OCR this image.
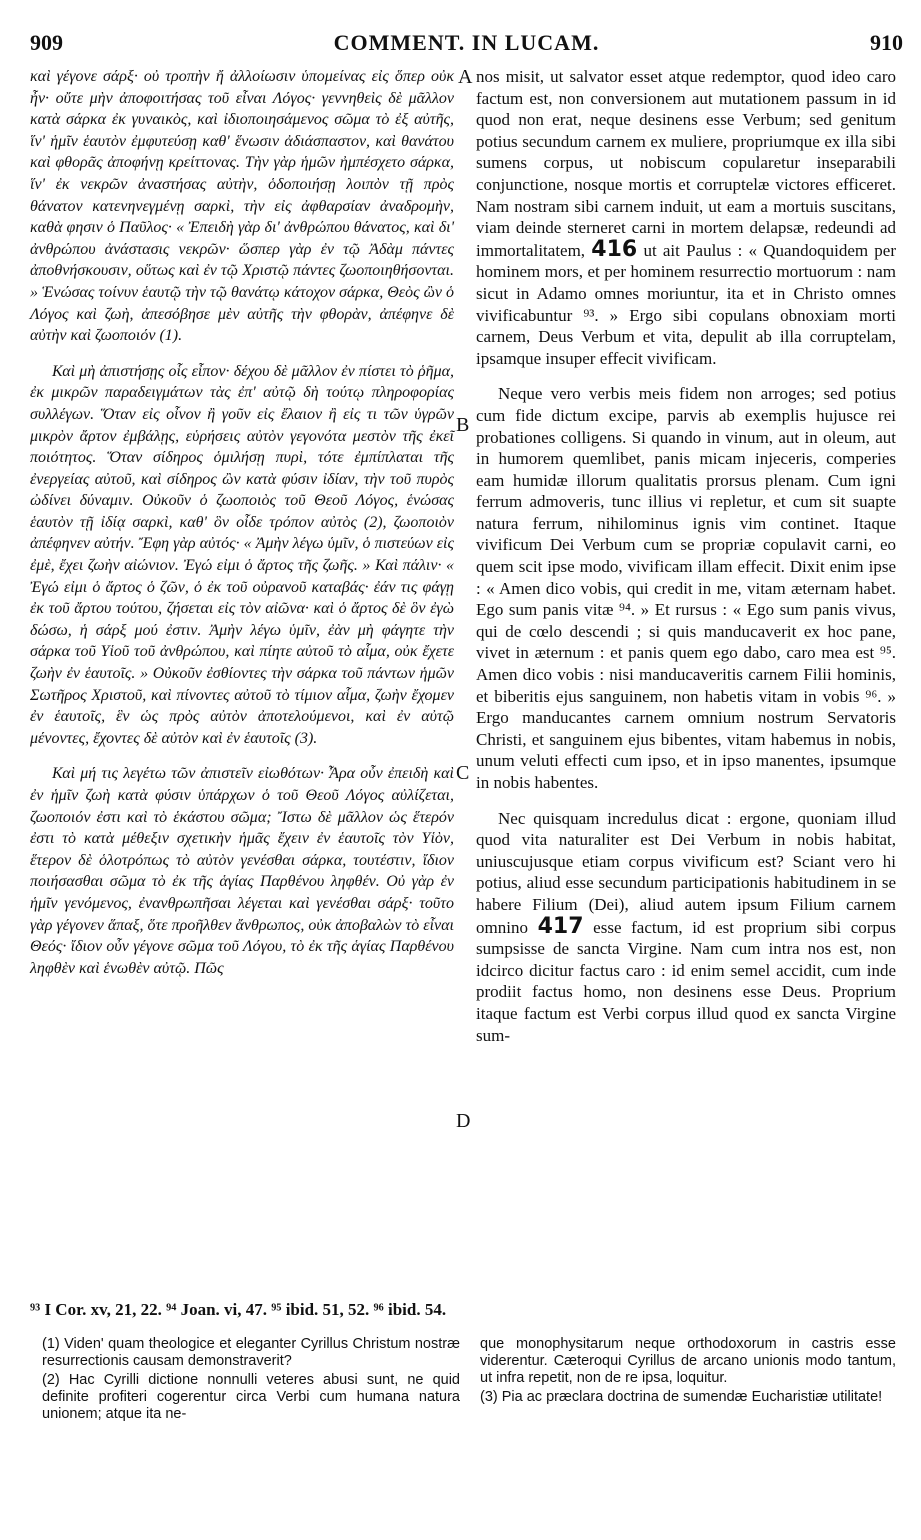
909	COMMENT. IN LUCAM.	910

καὶ γέγονε σάρξ· οὐ τροπὴν ἤ ἀλλοίωσιν ὑπομείνας εἰς ὅπερ οὐκ ἦν· οὔτε μὴν ἀποφοιτήσας τοῦ εἶναι Λόγος· γεννηθεὶς δὲ μᾶλλον κατὰ σάρκα ἐκ γυναικὸς, καὶ ἰδιοποιησάμενος σῶμα τὸ ἐξ αὐτῆς, ἵν' ἡμῖν ἑαυτὸν ἐμφυτεύσῃ καθ' ἕνωσιν ἀδιάσπαστον, καὶ θανάτου καὶ φθορᾶς ἀποφήνῃ κρείττονας. Τὴν γὰρ ἡμῶν ἠμπέσχετο σάρκα, ἵν' ἐκ νεκρῶν ἀναστήσας αὐτὴν, ὁδοποιήσῃ λοιπὸν τῇ πρὸς θάνατον κατενηνεγμένῃ σαρκὶ, τὴν εἰς ἀφθαρσίαν ἀναδρομὴν, καθὰ φησιν ὁ Παῦλος· « Ἐπειδὴ γὰρ δι' ἀνθρώπου θάνατος, καὶ δι' ἀνθρώπου ἀνάστασις νεκρῶν· ὥσπερ γὰρ ἐν τῷ Ἀδὰμ πάντες ἀποθνήσκουσιν, οὕτως καὶ ἐν τῷ Χριστῷ πάντες ζωοποιηθήσονται. » Ἑνώσας τοίνυν ἑαυτῷ τὴν τῷ θανάτῳ κάτοχον σάρκα, Θεὸς ὢν ὁ Λόγος καὶ ζωὴ, ἀπεσόβησε μὲν αὐτῆς τὴν φθορὰν, ἀπέφηνε δὲ αὐτὴν καὶ ζωοποιόν (1).

Καὶ μὴ ἀπιστήσῃς οἷς εἶπον· δέχου δὲ μᾶλλον ἐν πίστει τὸ ῥῆμα, ἐκ μικρῶν παραδειγμάτων τὰς ἐπ' αὐτῷ δὴ τούτῳ πληροφορίας συλλέγων. Ὅταν εἰς οἶνον ἢ γοῦν εἰς ἔλαιον ἢ εἰς τι τῶν ὑγρῶν μικρὸν ἄρτον ἐμβάλῃς, εὑρήσεις αὐτὸν γεγονότα μεστὸν τῆς ἐκεῖ ποιότητος. Ὅταν σίδηρος ὁμιλήσῃ πυρὶ, τότε ἐμπίπλαται τῆς ἐνεργείας αὐτοῦ, καὶ σίδηρος ὢν κατὰ φύσιν ἰδίαν, τὴν τοῦ πυρὸς ὠδίνει δύναμιν. Οὐκοῦν ὁ ζωοποιὸς τοῦ Θεοῦ Λόγος, ἑνώσας ἑαυτὸν τῇ ἰδίᾳ σαρκὶ, καθ' ὃν οἶδε τρόπον αὐτὸς (2), ζωοποιὸν ἀπέφηνεν αὐτήν. Ἔφη γὰρ αὐτός· « Ἀμὴν λέγω ὑμῖν, ὁ πιστεύων εἰς ἐμὲ, ἔχει ζωὴν αἰώνιον. Ἐγώ εἰμι ὁ ἄρτος τῆς ζωῆς. » Καὶ πάλιν· « Ἐγώ εἰμι ὁ ἄρτος ὁ ζῶν, ὁ ἐκ τοῦ οὐρανοῦ καταβάς· ἐάν τις φάγῃ ἐκ τοῦ ἄρτου τούτου, ζήσεται εἰς τὸν αἰῶνα· καὶ ὁ ἄρτος δὲ ὃν ἐγὼ δώσω, ἡ σάρξ μού ἐστιν. Ἀμὴν λέγω ὑμῖν, ἐὰν μὴ φάγητε τὴν σάρκα τοῦ Υἱοῦ τοῦ ἀνθρώπου, καὶ πίητε αὐτοῦ τὸ αἷμα, οὐκ ἔχετε ζωὴν ἐν ἑαυτοῖς. » Οὐκοῦν ἐσθίοντες τὴν σάρκα τοῦ πάντων ἡμῶν Σωτῆρος Χριστοῦ, καὶ πίνοντες αὐτοῦ τὸ τίμιον αἷμα, ζωὴν ἔχομεν ἐν ἑαυτοῖς, ἓν ὡς πρὸς αὐτὸν ἀποτελούμενοι, καὶ ἐν αὐτῷ μένοντες, ἔχοντες δὲ αὐτὸν καὶ ἐν ἑαυτοῖς (3).

Καὶ μή τις λεγέτω τῶν ἀπιστεῖν εἰωθότων· Ἆρα οὖν ἐπειδὴ καὶ ἐν ἡμῖν ζωὴ κατὰ φύσιν ὑπάρχων ὁ τοῦ Θεοῦ Λόγος αὐλίζεται, ζωοποιόν ἐστι καὶ τὸ ἑκάστου σῶμα; Ἴστω δὲ μᾶλλον ὡς ἕτερόν ἐστι τὸ κατὰ μέθεξιν σχετικὴν ἡμᾶς ἔχειν ἐν ἑαυτοῖς τὸν Υἱὸν, ἕτερον δὲ ὁλοτρόπως τὸ αὐτὸν γενέσθαι σάρκα, τουτέστιν, ἴδιον ποιήσασθαι σῶμα τὸ ἐκ τῆς ἁγίας Παρθένου ληφθέν. Οὐ γὰρ ἐν ἡμῖν γενόμενος, ἐνανθρωπῆσαι λέγεται καὶ γενέσθαι σάρξ· τοῦτο γὰρ γέγονεν ἅπαξ, ὅτε προῆλθεν ἄνθρωπος, οὐκ ἀποβαλὼν τὸ εἶναι Θεός· ἴδιον οὖν γέγονε σῶμα τοῦ Λόγου, τὸ ἐκ τῆς ἁγίας Παρθένου ληφθὲν καὶ ἑνωθὲν αὐτῷ. Πῶς

A
B
C
D

nos misit, ut salvator esset atque redemptor, quod ideo caro factum est, non conversionem aut mutationem passum in id quod non erat, neque desinens esse Verbum; sed genitum potius secundum carnem ex muliere, propriumque ex illa sibi sumens corpus, ut nobiscum copularetur inseparabili conjunctione, nosque mortis et corruptelæ victores efficeret. Nam nostram sibi carnem induit, ut eam a mortuis suscitans, viam deinde sterneret carni in mortem delapsæ, redeundi ad immortalitatem, 416 ut ait Paulus : « Quandoquidem per hominem mors, et per hominem resurrectio mortuorum : nam sicut in Adamo omnes moriuntur, ita et in Christo omnes vivificabuntur ⁹³. » Ergo sibi copulans obnoxiam morti carnem, Deus Verbum et vita, depulit ab illa corruptelam, ipsamque insuper effecit vivificam.

Neque vero verbis meis fidem non arroges; sed potius cum fide dictum excipe, parvis ab exemplis hujusce rei probationes colligens. Si quando in vinum, aut in oleum, aut in humorem quemlibet, panis micam injeceris, comperies eam humidæ illorum qualitatis prorsus plenam. Cum igni ferrum admoveris, tunc illius vi repletur, et cum sit suapte natura ferrum, nihilominus ignis vim continet. Itaque vivificum Dei Verbum cum se propriæ copulavit carni, eo quem scit ipse modo, vivificam illam effecit. Dixit enim ipse : « Amen dico vobis, qui credit in me, vitam æternam habet. Ego sum panis vitæ ⁹⁴. » Et rursus : « Ego sum panis vivus, qui de cœlo descendi ; si quis manducaverit ex hoc pane, vivet in æternum : et panis quem ego dabo, caro mea est ⁹⁵. Amen dico vobis : nisi manducaveritis carnem Filii hominis, et biberitis ejus sanguinem, non habetis vitam in vobis ⁹⁶. » Ergo manducantes carnem omnium nostrum Servatoris Christi, et sanguinem ejus bibentes, vitam habemus in nobis, unum veluti effecti cum ipso, et in ipso manentes, ipsumque in nobis habentes.

Nec quisquam incredulus dicat : ergone, quoniam illud quod vita naturaliter est Dei Verbum in nobis habitat, uniuscujusque etiam corpus vivificum est? Sciant vero hi potius, aliud esse secundum participationis habitudinem in se habere Filium (Dei), aliud autem ipsum Filium carnem omnino 417 esse factum, id est proprium sibi corpus sumpsisse de sancta Virgine. Nam cum intra nos est, non idcirco dicitur factus caro : id enim semel accidit, cum inde prodiit factus homo, non desinens esse Deus. Proprium itaque factum est Verbi corpus illud quod ex sancta Virgine sum-

⁹³ I Cor. xv, 21, 22. ⁹⁴ Joan. vi, 47. ⁹⁵ ibid. 51, 52. ⁹⁶ ibid. 54.

(1) Viden' quam theologice et eleganter Cyrillus Christum nostræ resurrectionis causam demonstraverit?

(2) Hac Cyrilli dictione nonnulli veteres abusi sunt, ne quid definite profiteri cogerentur circa Verbi cum humana natura unionem; atque ita ne-

que monophysitarum neque orthodoxorum in castris esse viderentur. Cæteroqui Cyrillus de arcano unionis modo tantum, ut infra repetit, non de re ipsa, loquitur.

(3) Pia ac præclara doctrina de sumendæ Eucharistiæ utilitate!
